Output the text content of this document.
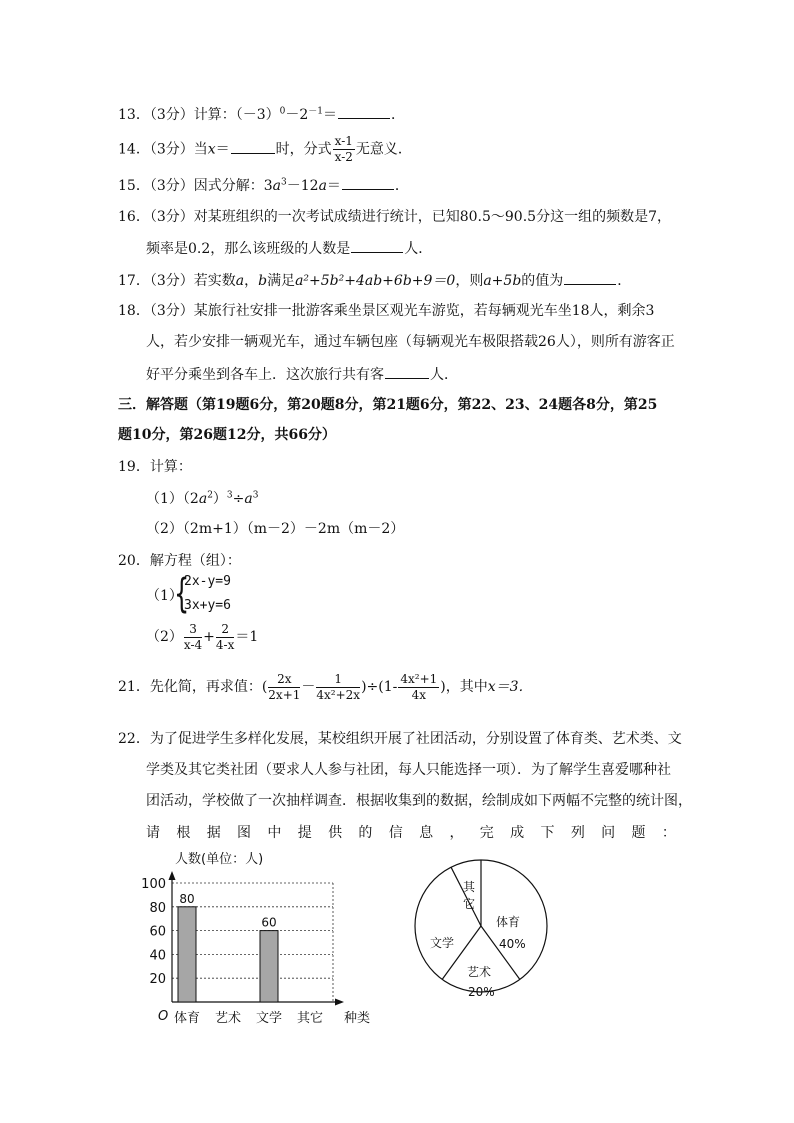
13．（3分）计算：$(-3)^0-2^{-1}=$	．
14．（3分）当x＝	时，分式 $\frac{x-1}{x-2}$ 无意义．
15．（3分）因式分解：$3a^3-12a=$	．
16．（3分）对某班组织的一次考试成绩进行统计，已知80.5～90.5分这一组的频数是7，
频率是0.2，那么该班级的人数是	人．
17．（3分）若实数a，b满足a²+5b²+4ab+6b+9＝0，则a+5b的值为	．
18．（3分）某旅行社安排一批游客乘坐景区观光车游览，若每辆观光车坐18人，剩余3
人，若少安排一辆观光车，通过车辆包座（每辆观光车极限搭载26人），则所有游客正
好平分乘坐到各车上．这次旅行共有客	人．
三．解答题（第19题6分，第20题8分，第21题6分，第22、23、24题各8分，第25
题10分，第26题12分，共66分）
19．计算：
$(1)(2a^2)^3\div a^3$
（2）（2m+1）（m－2）－2m（m－2）
20．解方程（组）：
（1）
{
2x-y=9
3x+y=6
$(2) \frac{3}{x-4} + \frac{2}{4-x} =1$
21．先化简，再求值：( $\frac{2x}{2x+1} - \frac{1}{\text{4x²+2x}} )\div(1- \frac{\text{4x²+1}}{4x}$ )，其中x＝3．
22．为了促进学生多样化发展，某校组织开展了社团活动，分别设置了体育类、艺术类、文
学类及其它类社团（要求人人参与社团，每人只能选择一项）．为了解学生喜爱哪种社
团活动，学校做了一次抽样调查．根据收集到的数据，绘制成如下两幅不完整的统计图，
请 根 据 图 中 提 供 的 信 息 ， 完 成 下 列 问 题 ：
人数(单位：人)
O	种类
20
40
60
80
100
80
60
体育 艺术 文学 其它
体育
40%
艺术
20%
文学
其它
